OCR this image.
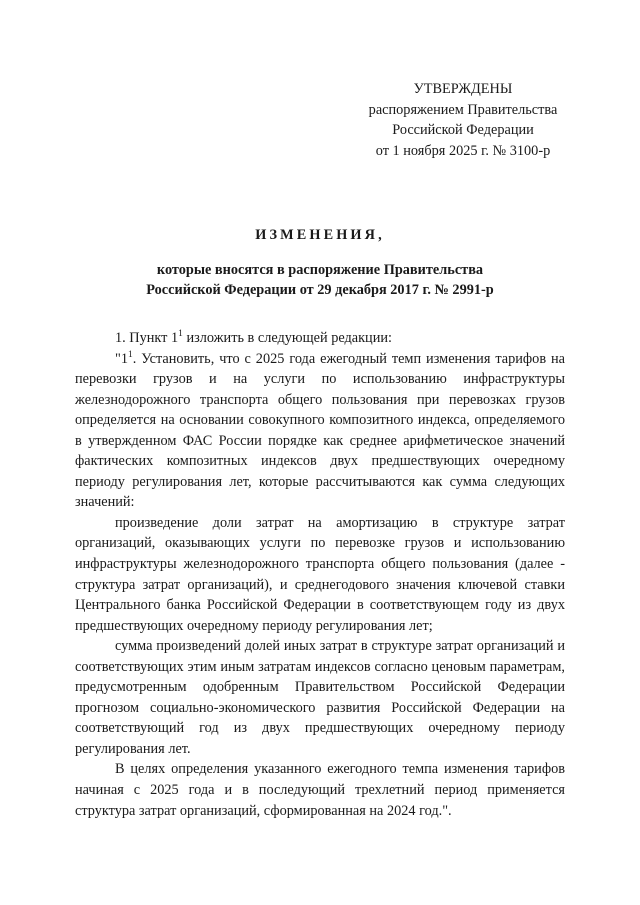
УТВЕРЖДЕНЫ
распоряжением Правительства
Российской Федерации
от 1 ноября 2025 г. № 3100-р
ИЗМЕНЕНИЯ,
которые вносятся в распоряжение Правительства
Российской Федерации от 29 декабря 2017 г. № 2991-р

1. Пункт $1^1$ изложить в следующей редакции:

"$1^1$. Установить, что с 2025 года ежегодный темп изменения тарифов на перевозки грузов и на услуги по использованию инфраструктуры железнодорожного транспорта общего пользования при перевозках грузов определяется на основании совокупного композитного индекса, определяемого в утвержденном ФАС России порядке как среднее арифметическое значений фактических композитных индексов двух предшествующих очередному периоду регулирования лет, которые рассчитываются как сумма следующих значений:

произведение доли затрат на амортизацию в структуре затрат организаций, оказывающих услуги по перевозке грузов и использованию инфраструктуры железнодорожного транспорта общего пользования (далее - структура затрат организаций), и среднегодового значения ключевой ставки Центрального банка Российской Федерации в соответствующем году из двух предшествующих очередному периоду регулирования лет;

сумма произведений долей иных затрат в структуре затрат организаций и соответствующих этим иным затратам индексов согласно ценовым параметрам, предусмотренным одобренным Правительством Российской Федерации прогнозом социально-экономического развития Российской Федерации на соответствующий год из двух предшествующих очередному периоду регулирования лет.

В целях определения указанного ежегодного темпа изменения тарифов начиная с 2025 года и в последующий трехлетний период применяется структура затрат организаций, сформированная на 2024 год.".
